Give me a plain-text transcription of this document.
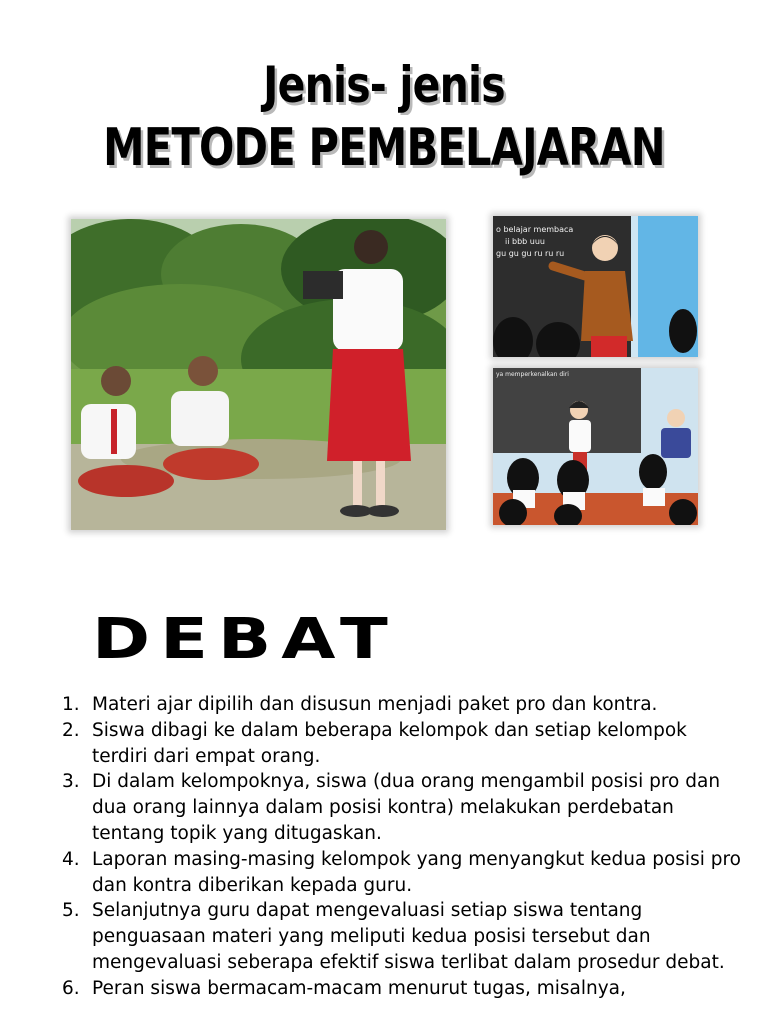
Jenis- jenis
METODE PEMBELAJARAN
o belajar membaca
ii bbb uuu
gu gu gu ru ru ru
ya memperkenalkan diri
DEBAT
1. Materi ajar dipilih dan disusun menjadi paket pro dan kontra.
2. Siswa dibagi ke dalam beberapa kelompok dan setiap kelompok terdiri dari empat orang.
3. Di dalam kelompoknya, siswa (dua orang mengambil posisi pro dan dua orang lainnya dalam posisi kontra) melakukan perdebatan tentang topik yang ditugaskan.
4. Laporan masing-masing kelompok yang menyangkut kedua posisi pro dan kontra diberikan kepada guru.
5. Selanjutnya guru dapat mengevaluasi setiap siswa tentang penguasaan materi yang meliputi kedua posisi tersebut dan mengevaluasi seberapa efektif siswa terlibat dalam prosedur debat.
6. Peran siswa bermacam-macam menurut tugas, misalnya,
